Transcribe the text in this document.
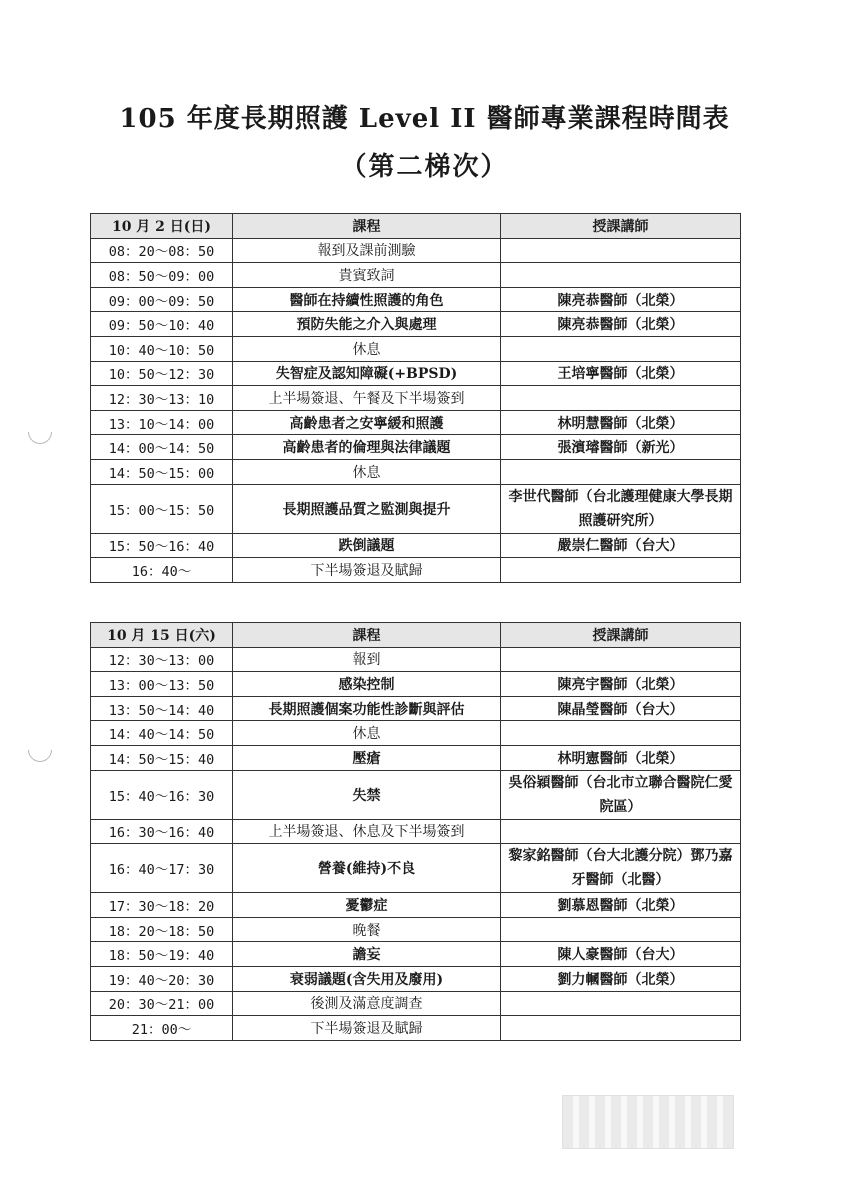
105 年度長期照護 Level II 醫師專業課程時間表
（第二梯次）
10 月 2 日(日)	課程	授課講師
08：20～08：50	報到及課前測驗	
08：50～09：00	貴賓致詞	
09：00～09：50	醫師在持續性照護的角色	陳亮恭醫師（北榮）
09：50～10：40	預防失能之介入與處理	陳亮恭醫師（北榮）
10：40～10：50	休息	
10：50～12：30	失智症及認知障礙(+BPSD)	王培寧醫師（北榮）
12：30～13：10	上半場簽退、午餐及下半場簽到	
13：10～14：00	高齡患者之安寧緩和照護	林明慧醫師（北榮）
14：00～14：50	高齡患者的倫理與法律議題	張濱璿醫師（新光）
14：50～15：00	休息	
15：00～15：50	長期照護品質之監測與提升	李世代醫師（台北護理健康大學長期照護研究所）
15：50～16：40	跌倒議題	嚴崇仁醫師（台大）
16：40～	下半場簽退及賦歸	
10 月 15 日(六)	課程	授課講師
12：30～13：00	報到	
13：00～13：50	感染控制	陳亮宇醫師（北榮）
13：50～14：40	長期照護個案功能性診斷與評估	陳晶瑩醫師（台大）
14：40～14：50	休息	
14：50～15：40	壓瘡	林明憲醫師（北榮）
15：40～16：30	失禁	吳俗穎醫師（台北市立聯合醫院仁愛院區）
16：30～16：40	上半場簽退、休息及下半場簽到	
16：40～17：30	營養(維持)不良	黎家銘醫師（台大北護分院）鄧乃嘉牙醫師（北醫）
17：30～18：20	憂鬱症	劉慕恩醫師（北榮）
18：20～18：50	晚餐	
18：50～19：40	譫妄	陳人豪醫師（台大）
19：40～20：30	衰弱議題(含失用及廢用)	劉力幗醫師（北榮）
20：30～21：00	後測及滿意度調查	
21：00～	下半場簽退及賦歸	
